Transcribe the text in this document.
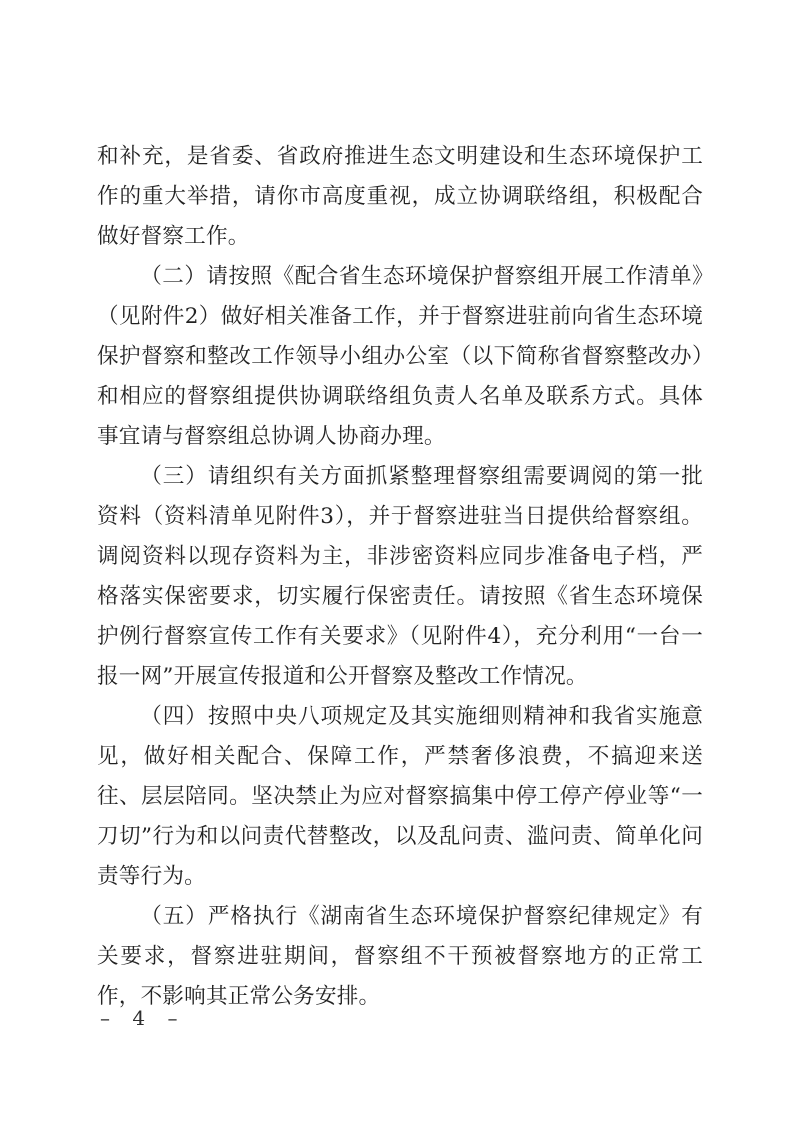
和补充，是省委、省政府推进生态文明建设和生态环境保护工作的重大举措，请你市高度重视，成立协调联络组，积极配合做好督察工作。

（二）请按照《配合省生态环境保护督察组开展工作清单》（见附件2）做好相关准备工作，并于督察进驻前向省生态环境保护督察和整改工作领导小组办公室（以下简称省督察整改办）和相应的督察组提供协调联络组负责人名单及联系方式。具体事宜请与督察组总协调人协商办理。

（三）请组织有关方面抓紧整理督察组需要调阅的第一批资料（资料清单见附件3），并于督察进驻当日提供给督察组。调阅资料以现存资料为主，非涉密资料应同步准备电子档，严格落实保密要求，切实履行保密责任。请按照《省生态环境保护例行督察宣传工作有关要求》（见附件4），充分利用“一台一报一网”开展宣传报道和公开督察及整改工作情况。

（四）按照中央八项规定及其实施细则精神和我省实施意见，做好相关配合、保障工作，严禁奢侈浪费，不搞迎来送往、层层陪同。坚决禁止为应对督察搞集中停工停产停业等“一刀切”行为和以问责代替整改，以及乱问责、滥问责、简单化问责等行为。

（五）严格执行《湖南省生态环境保护督察纪律规定》有关要求，督察进驻期间，督察组不干预被督察地方的正常工作，不影响其正常公务安排。

– 4 –
